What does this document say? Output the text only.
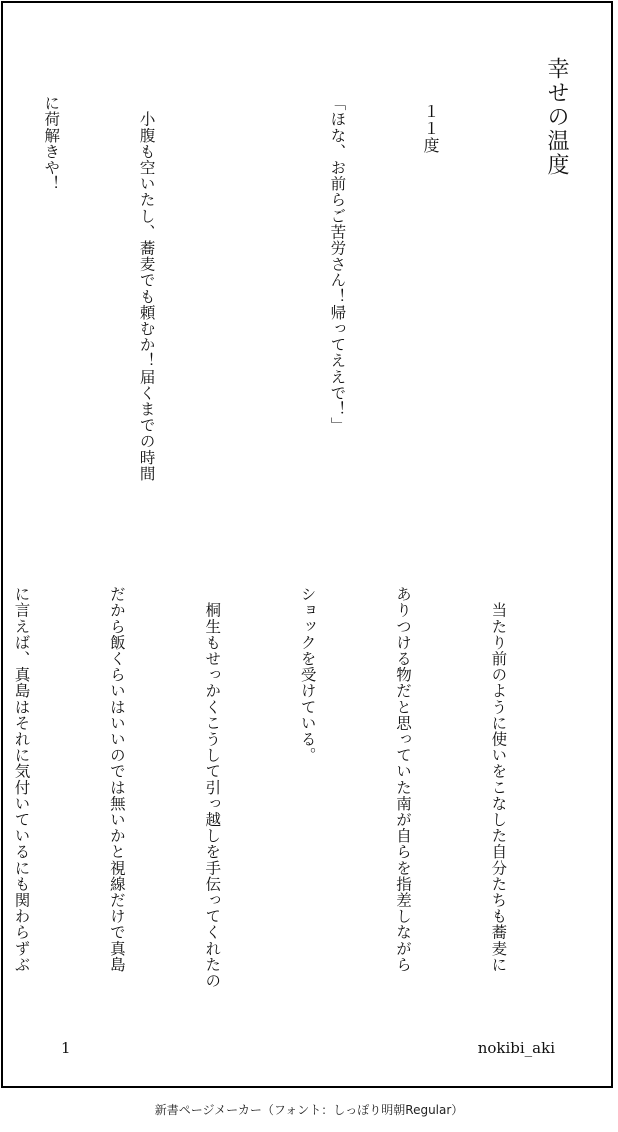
幸せの温度
１１度

「ほな、お前らご苦労さん！帰ってええで！」

　小腹も空いたし、蕎麦でも頼むか！届くまでの時間

に荷解きや！

　当たり前のように使いをこなした自分たちも蕎麦に

ありつける物だと思っていた南が自らを指差しながら

ショックを受けている。

　桐生もせっかくこうして引っ越しを手伝ってくれたの

だから飯くらいはいいのでは無いかと視線だけで真島

に言えば、真島はそれに気付いているにも関わらずぶ

1	nokibi_aki
新書ページメーカー（フォント：しっぽり明朝Regular）
